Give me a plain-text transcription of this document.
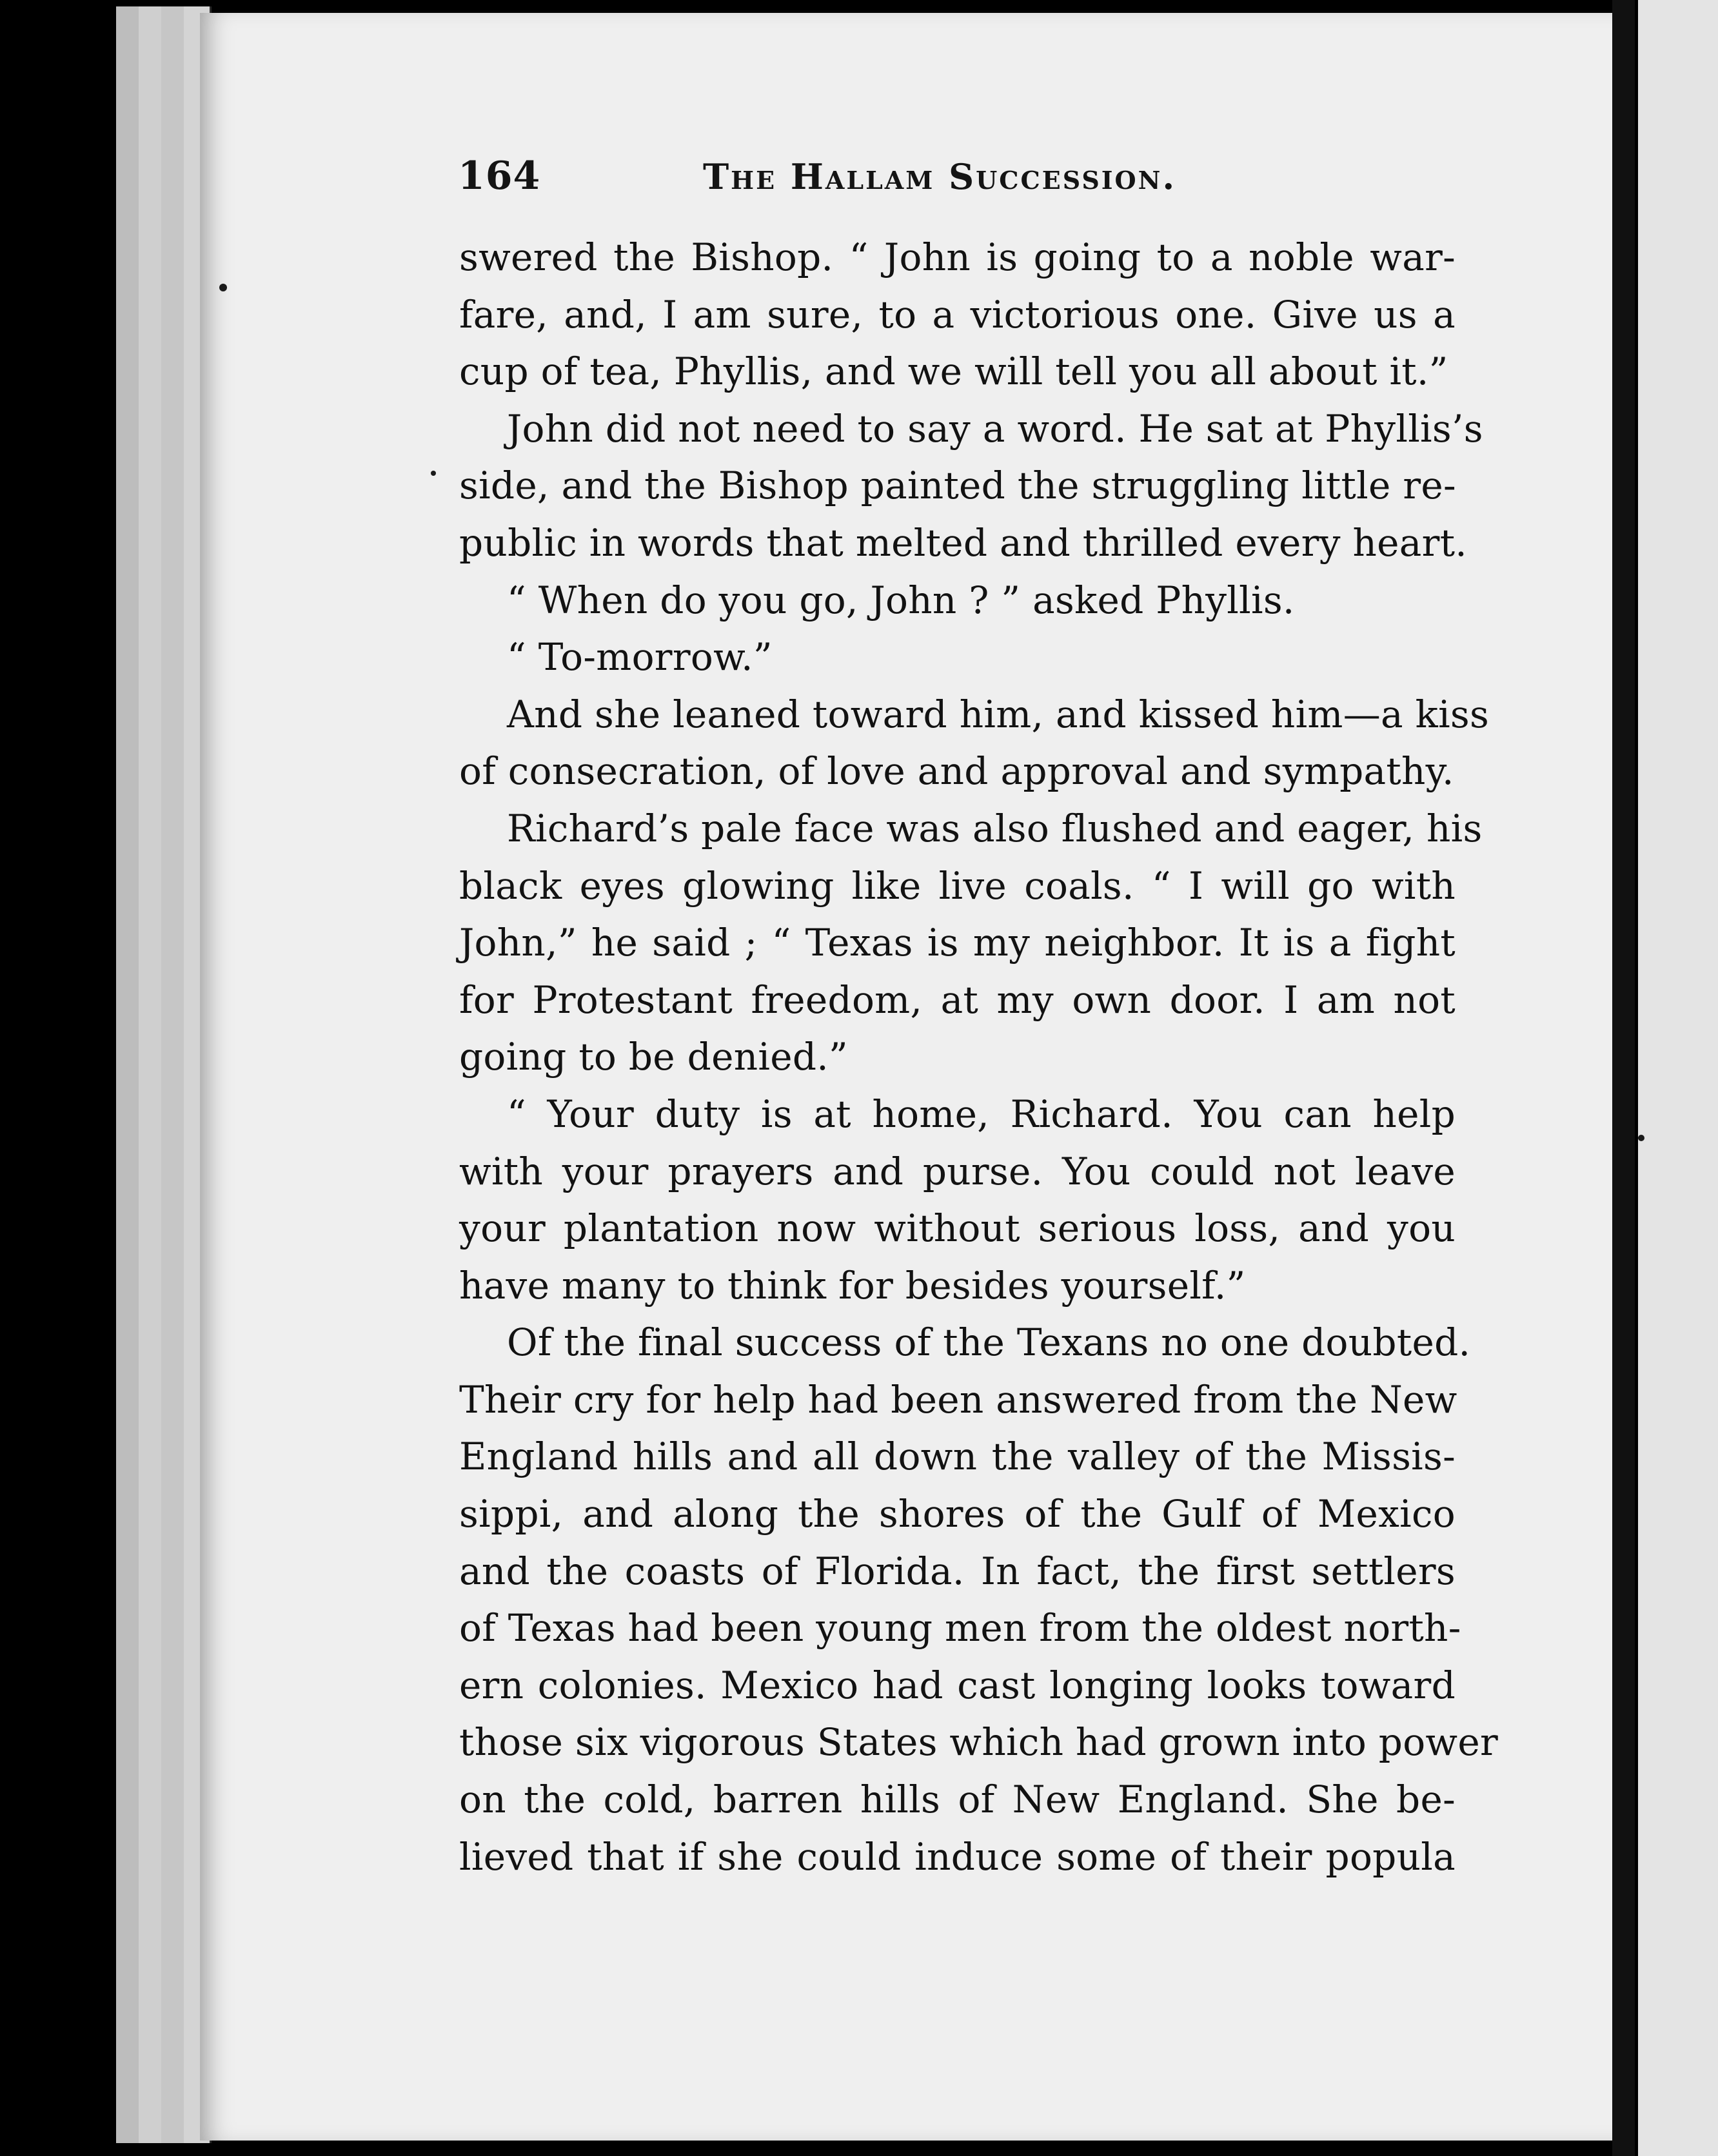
164	The Hallam Succession.
swered the Bishop. “ John is going to a noble war-
fare, and, I am sure, to a victorious one. Give us a
cup of tea, Phyllis, and we will tell you all about it.”
John did not need to say a word. He sat at Phyllis’s
side, and the Bishop painted the struggling little re-
public in words that melted and thrilled every heart.
“ When do you go, John ? ” asked Phyllis.
“ To-morrow.”
And she leaned toward him, and kissed him—a kiss
of consecration, of love and approval and sympathy.
Richard’s pale face was also flushed and eager, his
black eyes glowing like live coals. “ I will go with
John,” he said ; “ Texas is my neighbor. It is a fight
for Protestant freedom, at my own door. I am not
going to be denied.”
“ Your duty is at home, Richard. You can help
with your prayers and purse. You could not leave
your plantation now without serious loss, and you
have many to think for besides yourself.”
Of the final success of the Texans no one doubted.
Their cry for help had been answered from the New
England hills and all down the valley of the Missis-
sippi, and along the shores of the Gulf of Mexico
and the coasts of Florida. In fact, the first settlers
of Texas had been young men from the oldest north-
ern colonies. Mexico had cast longing looks toward
those six vigorous States which had grown into power
on the cold, barren hills of New England. She be-
lieved that if she could induce some of their popula
